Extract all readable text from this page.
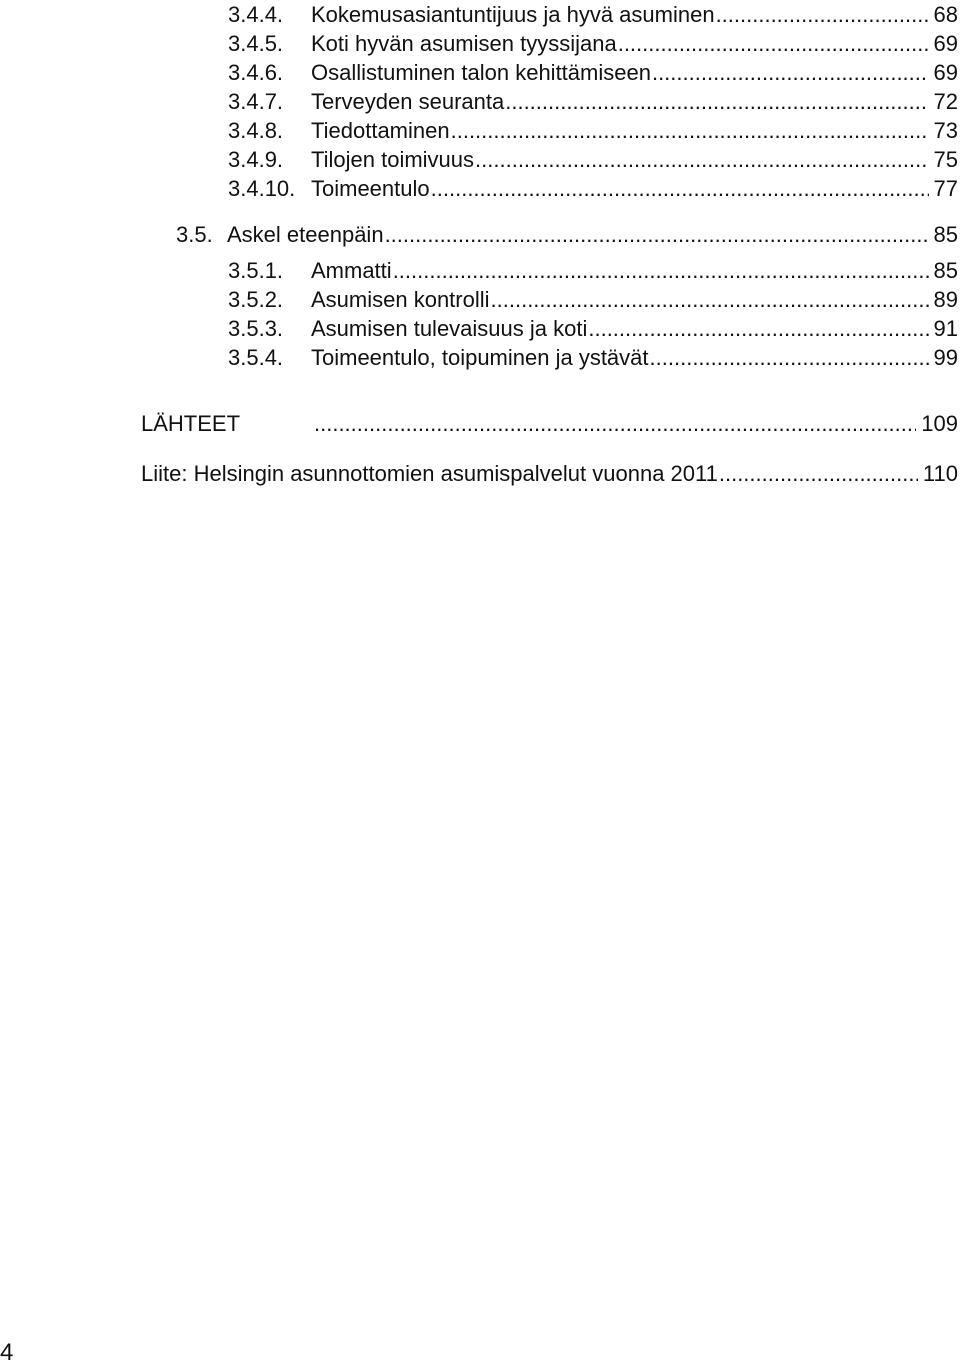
3.4.4.	Kokemusasiantuntijuus ja hyvä asuminen .....	68
3.4.5.	Koti hyvän asumisen tyyssijana .....	69
3.4.6.	Osallistuminen talon kehittämiseen .....	69
3.4.7.	Terveyden seuranta .....	72
3.4.8.	Tiedottaminen .....	73
3.4.9.	Tilojen toimivuus .....	75
3.4.10. Toimeentulo .....	77
3.5. Askel eteenpäin .....	85
3.5.1.	Ammatti .....	85
3.5.2.	Asumisen kontrolli .....	89
3.5.3.	Asumisen tulevaisuus ja koti .....	91
3.5.4.	Toimeentulo, toipuminen ja ystävät .....	99
LÄHTEET .....	109
Liite: Helsingin asunnottomien asumispalvelut vuonna 2011 .....	110
4
